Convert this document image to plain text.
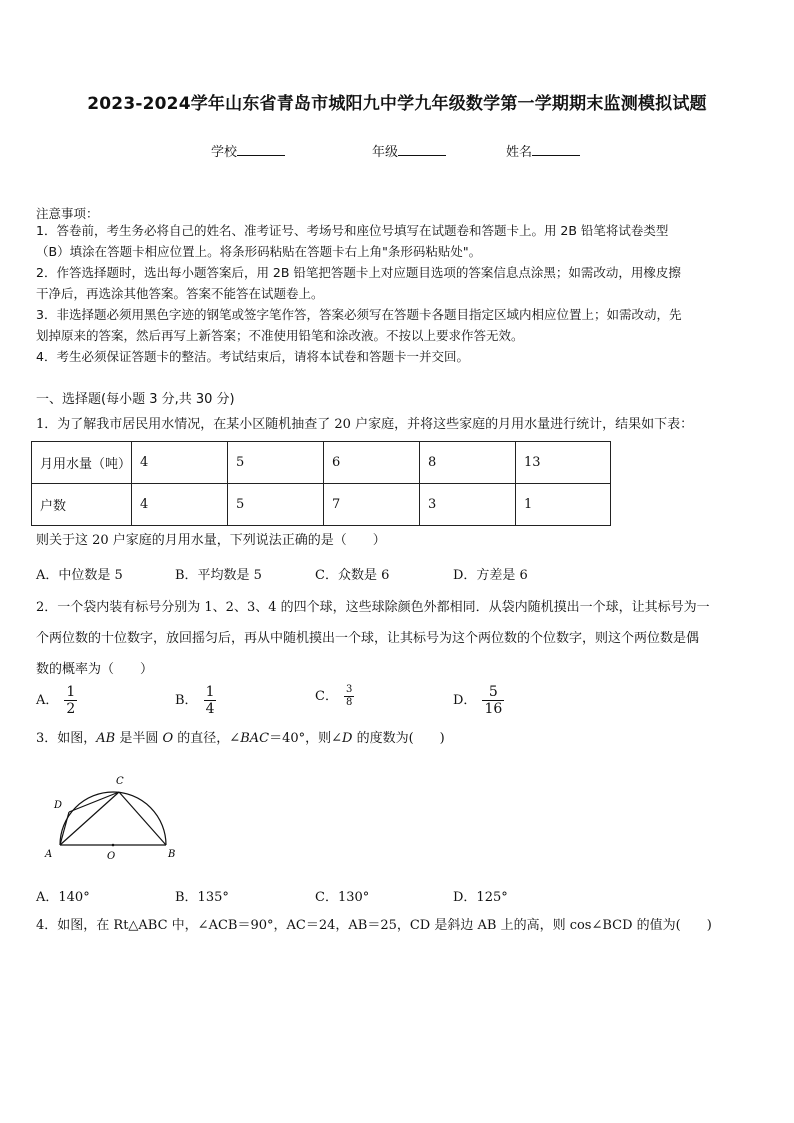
2023-2024学年山东省青岛市城阳九中学九年级数学第一学期期末监测模拟试题
学校	年级	姓名
注意事项：
1．答卷前，考生务必将自己的姓名、准考证号、考场号和座位号填写在试题卷和答题卡上。用 2B 铅笔将试卷类型
（B）填涂在答题卡相应位置上。将条形码粘贴在答题卡右上角"条形码粘贴处"。
2．作答选择题时，选出每小题答案后，用 2B 铅笔把答题卡上对应题目选项的答案信息点涂黑；如需改动，用橡皮擦
干净后，再选涂其他答案。答案不能答在试题卷上。
3．非选择题必须用黑色字迹的钢笔或签字笔作答，答案必须写在答题卡各题目指定区域内相应位置上；如需改动，先
划掉原来的答案，然后再写上新答案；不准使用铅笔和涂改液。不按以上要求作答无效。
4．考生必须保证答题卡的整洁。考试结束后，请将本试卷和答题卡一并交回。
一、选择题(每小题 3 分,共 30 分)
1．为了解我市居民用水情况，在某小区随机抽查了 20 户家庭，并将这些家庭的月用水量进行统计，结果如下表：
月用水量（吨）	4	5	6	8	13
户数	4	5	7	3	1
则关于这 20 户家庭的月用水量，下列说法正确的是（　　）
A．中位数是 5	B．平均数是 5	C．众数是 6	D．方差是 6
2．一个袋内装有标号分别为 1、2、3、4 的四个球，这些球除颜色外都相同．从袋内随机摸出一个球，让其标号为一
个两位数的十位数字，放回摇匀后，再从中随机摸出一个球，让其标号为这个两位数的个位数字，则这个两位数是偶
数的概率为（　　）
A． $\frac{1}{2}$	B． $\frac{1}{4}$	C． $\frac{3}{8}$	D． $\frac{5}{16}$
3．如图，AB 是半圆 O 的直径，∠BAC＝40°，则∠D 的度数为(　　)
A	B
C
D
O
A．140°	B．135°	C．130°	D．125°
4．如图，在 Rt△ABC 中，∠ACB＝90°，AC＝24，AB＝25，CD 是斜边 AB 上的高，则 cos∠BCD 的值为(　　)
